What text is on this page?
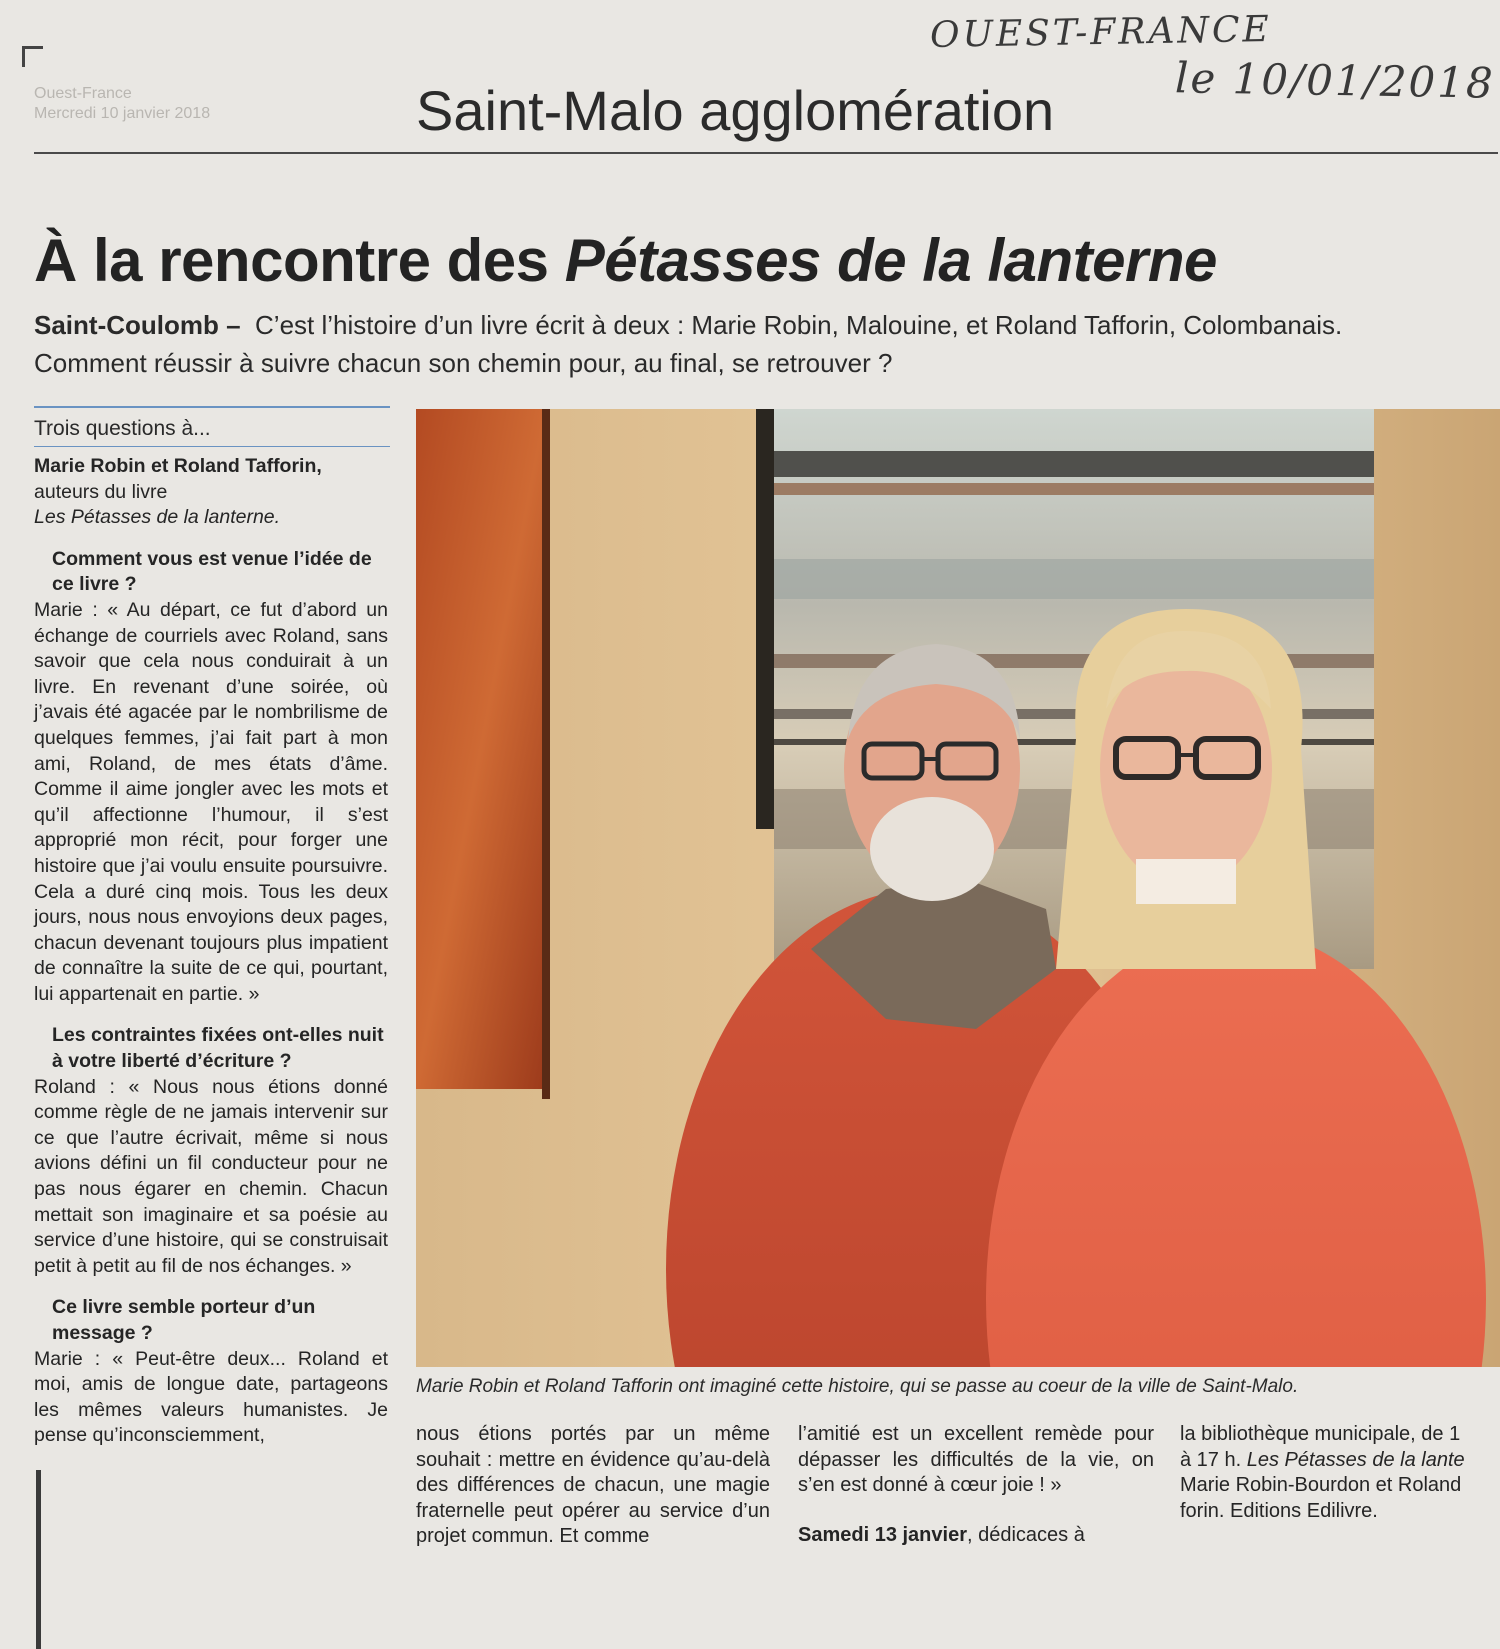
Ouest-France
Mercredi 10 janvier 2018
OUEST-FRANCE
le 10/01/2018
Saint-Malo agglomération
À la rencontre des Pétasses de la lanterne
Saint-Coulomb – C’est l’histoire d’un livre écrit à deux : Marie Robin, Malouine, et Roland Tafforin, Colombanais. Comment réussir à suivre chacun son chemin pour, au final, se retrouver ?
Trois questions à...

Marie Robin et Roland Tafforin,

auteurs du livre

Les Pétasses de la lanterne.

Comment vous est venue l’idée de ce livre ?

Marie : « Au départ, ce fut d’abord un échange de courriels avec Roland, sans savoir que cela nous conduirait à un livre. En revenant d’une soirée, où j’avais été agacée par le nombrilisme de quelques femmes, j’ai fait part à mon ami, Roland, de mes états d’âme. Comme il aime jongler avec les mots et qu’il affectionne l’humour, il s’est approprié mon récit, pour forger une histoire que j’ai voulu ensuite poursuivre. Cela a duré cinq mois. Tous les deux jours, nous nous envoyions deux pages, chacun devenant toujours plus impatient de connaître la suite de ce qui, pourtant, lui appartenait en partie. »

Les contraintes fixées ont-elles nuit à votre liberté d’écriture ?

Roland : « Nous nous étions donné comme règle de ne jamais intervenir sur ce que l’autre écrivait, même si nous avions défini un fil conducteur pour ne pas nous égarer en chemin. Chacun mettait son imaginaire et sa poésie au service d’une histoire, qui se construisait petit à petit au fil de nos échanges. »

Ce livre semble porteur d’un message ?

Marie : « Peut-être deux... Roland et moi, amis de longue date, partageons les mêmes valeurs humanistes. Je pense qu’inconsciemment,

Marie Robin et Roland Tafforin ont imaginé cette histoire, qui se passe au coeur de la ville de Saint-Malo.

nous étions portés par un même souhait : mettre en évidence qu’au-delà des différences de chacun, une magie fraternelle peut opérer au service d’un projet commun. Et comme

l’amitié est un excellent remède pour dépasser les difficultés de la vie, on s’en est donné à cœur joie ! »

Samedi 13 janvier, dédicaces à

la bibliothèque municipale, de 1

à 17 h. Les Pétasses de la lante

Marie Robin-Bourdon et Roland

forin. Editions Edilivre.
